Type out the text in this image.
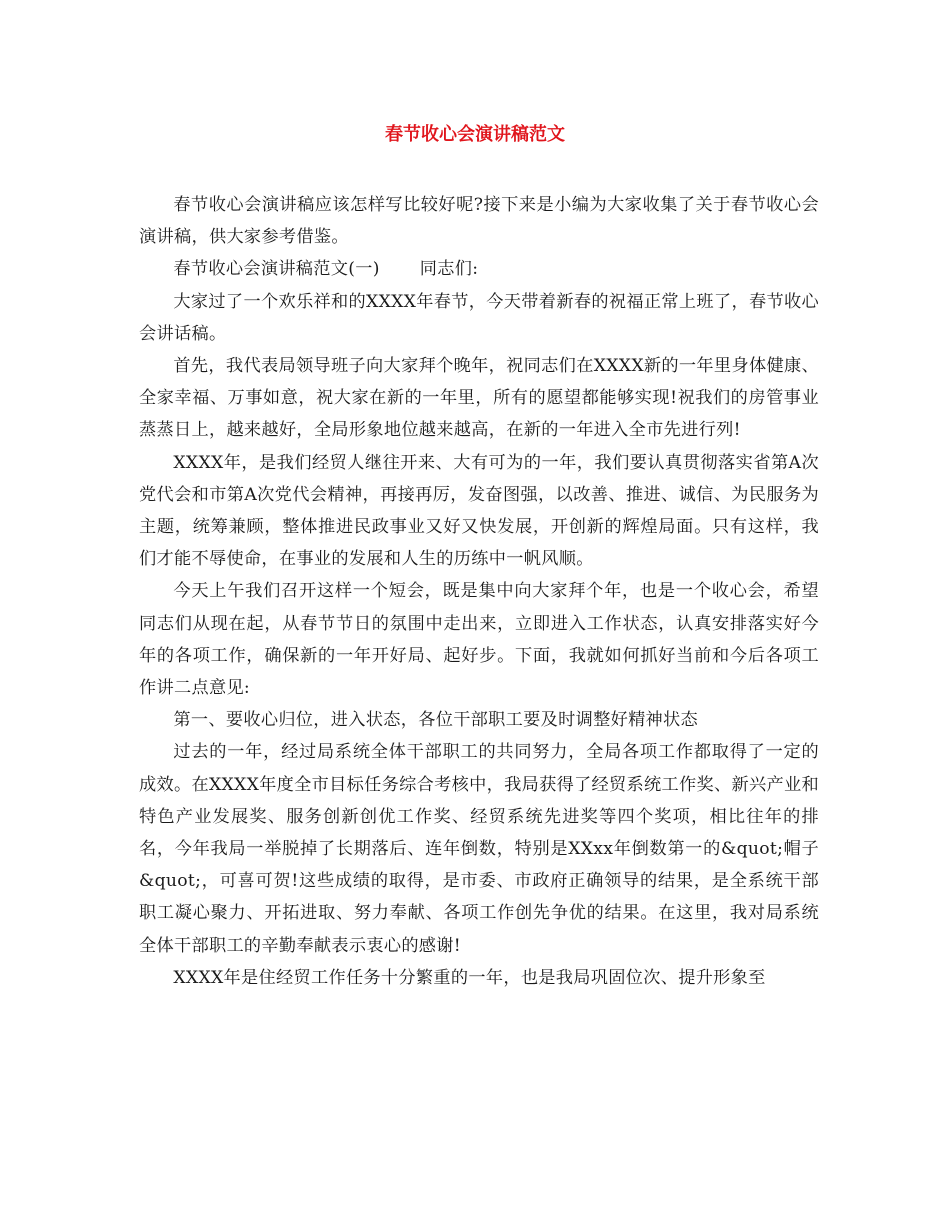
春节收心会演讲稿范文

春节收心会演讲稿应该怎样写比较好呢?接下来是小编为大家收集了关于春节收心会演讲稿，供大家参考借鉴。

春节收心会演讲稿范文(一) 同志们:

大家过了一个欢乐祥和的XXXX年春节，今天带着新春的祝福正常上班了，春节收心会讲话稿。

首先，我代表局领导班子向大家拜个晚年，祝同志们在XXXX新的一年里身体健康、全家幸福、万事如意，祝大家在新的一年里，所有的愿望都能够实现!祝我们的房管事业蒸蒸日上，越来越好，全局形象地位越来越高，在新的一年进入全市先进行列!

XXXX年，是我们经贸人继往开来、大有可为的一年，我们要认真贯彻落实省第A次党代会和市第A次党代会精神，再接再厉，发奋图强，以改善、推进、诚信、为民服务为主题，统筹兼顾，整体推进民政事业又好又快发展，开创新的辉煌局面。只有这样，我们才能不辱使命，在事业的发展和人生的历练中一帆风顺。

今天上午我们召开这样一个短会，既是集中向大家拜个年，也是一个收心会，希望同志们从现在起，从春节节日的氛围中走出来，立即进入工作状态，认真安排落实好今年的各项工作，确保新的一年开好局、起好步。下面，我就如何抓好当前和今后各项工作讲二点意见:

第一、要收心归位，进入状态，各位干部职工要及时调整好精神状态

过去的一年，经过局系统全体干部职工的共同努力，全局各项工作都取得了一定的成效。在XXXX年度全市目标任务综合考核中，我局获得了经贸系统工作奖、新兴产业和特色产业发展奖、服务创新创优工作奖、经贸系统先进奖等四个奖项，相比往年的排名，今年我局一举脱掉了长期落后、连年倒数，特别是XXxx年倒数第一的&quot;帽子&quot;，可喜可贺!这些成绩的取得，是市委、市政府正确领导的结果，是全系统干部职工凝心聚力、开拓进取、努力奉献、各项工作创先争优的结果。在这里，我对局系统全体干部职工的辛勤奉献表示衷心的感谢!

XXXX年是住经贸工作任务十分繁重的一年，也是我局巩固位次、提升形象至
